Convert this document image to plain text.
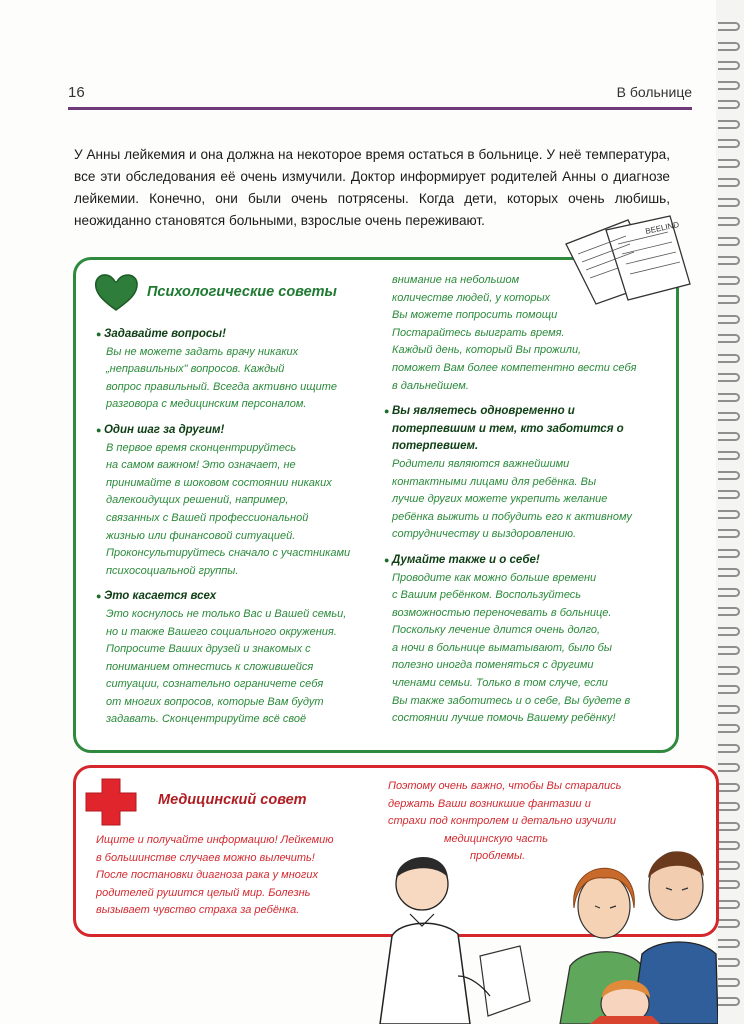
16	В больнице

У Анны лейкемия и она должна на некоторое время остаться в больнице. У неё температура, все эти обследования её очень измучили. Доктор информирует родителей Анны о диагнозе лейкемии. Конечно, они были очень потрясены. Когда дети, которых очень любишь, неожиданно становятся больными, взрослые очень переживают.

Психологические советы

● Задавайте вопросы!

Вы не можете задать врачу никаких

„неправильных" вопросов. Каждый

вопрос правильный. Всегда активно ищите

разговора с медицинским персоналом.

● Один шаг за другим!

В первое время сконцентрируйтесь

на самом важном! Это означает, не

принимайте в шоковом состоянии никаких

далекоидущих решений, например,

связанных с Вашей профессиональной

жизнью или финансовой ситуацией.

Проконсультируйтесь сначало с участниками

психосоциальной группы.

● Это касается всех

Это коснулось не только Вас и Вашей семьи,

но и также Вашего социального окружения.

Попросите Ваших друзей и знакомых с

пониманием отнестись к сложившейся

ситуации, сознательно ограничете себя

от многих вопросов, которые Вам будут

задавать. Сконцентрируйте всё своё

внимание на небольшом

количестве людей, у которых

Вы можете попросить помощи

Постарайтесь выиграть время.

Каждый день, который Вы прожили,

поможет Вам более компетентно вести себя

в дальнейшем.

● Вы являетесь одновременно и

потерпевшим и тем, кто заботится о

потерпевшем.

Родители являются важнейшими

контактными лицами для ребёнка. Вы

лучше других можете укрепить желание

ребёнка выжить и побудить его к активному

сотрудничеству и выздоровлению.

● Думайте также и о себе!

Проводите как можно больше времени

с Вашим ребёнком. Воспользуйтесь

возможностью переночевать в больнице.

Поскольку лечение длится очень долго,

а ночи в больнице выматывают, было бы

полезно иногда поменяться с другими

членами семьи. Только в том случе, если

Вы также заботитесь и о себе, Вы будете в

состоянии лучше помочь Вашему ребёнку!

BEELIND
Медицинский совет

Ищите и получайте информацию! Лейкемию

в большинстве случаев можно вылечить!

После постановки диагноза рака у многих

родителей рушится целый мир. Болезнь

вызывает чувство страха за ребёнка.

Поэтому очень важно, чтобы Вы старались

держать Ваши возникшие фантазии и

страхи под контролем и детально изучили

медицинскую часть

проблемы.
